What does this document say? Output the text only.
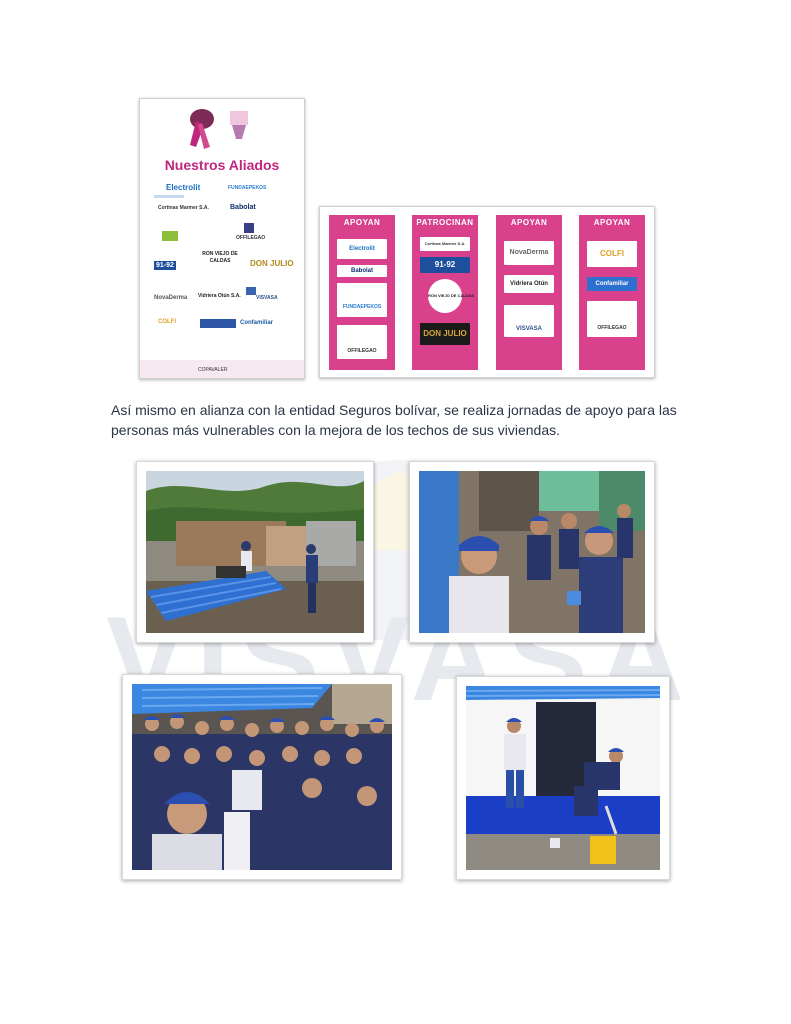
VISVASA
Nuestros Aliados
Electrolit	FUNDAEPEKOS
Cortinas Marmer S.A.	Babolat
OFFILEGAO
91-92
RON VIEJO DE CALDAS	DON JULIO
NovaDerma Vidriera Otún S.A.	VISVASA
COLFI	Confamiliar
COPAVALER
APOYAN
Electrolit
Babolat
FUNDAEPEKOS
OFFILEGAO
PATROCINAN
Cortinas Marmer S.A.
91-92
RON VIEJO DE CALDAS
DON JULIO
APOYAN
NovaDerma
Vidriera Otún
VISVASA
APOYAN
COLFI
Confamiliar
OFFILEGAO
Así mismo en alianza con la entidad Seguros bolívar, se realiza jornadas de apoyo para las personas más vulnerables con la mejora de los techos de sus viviendas.
